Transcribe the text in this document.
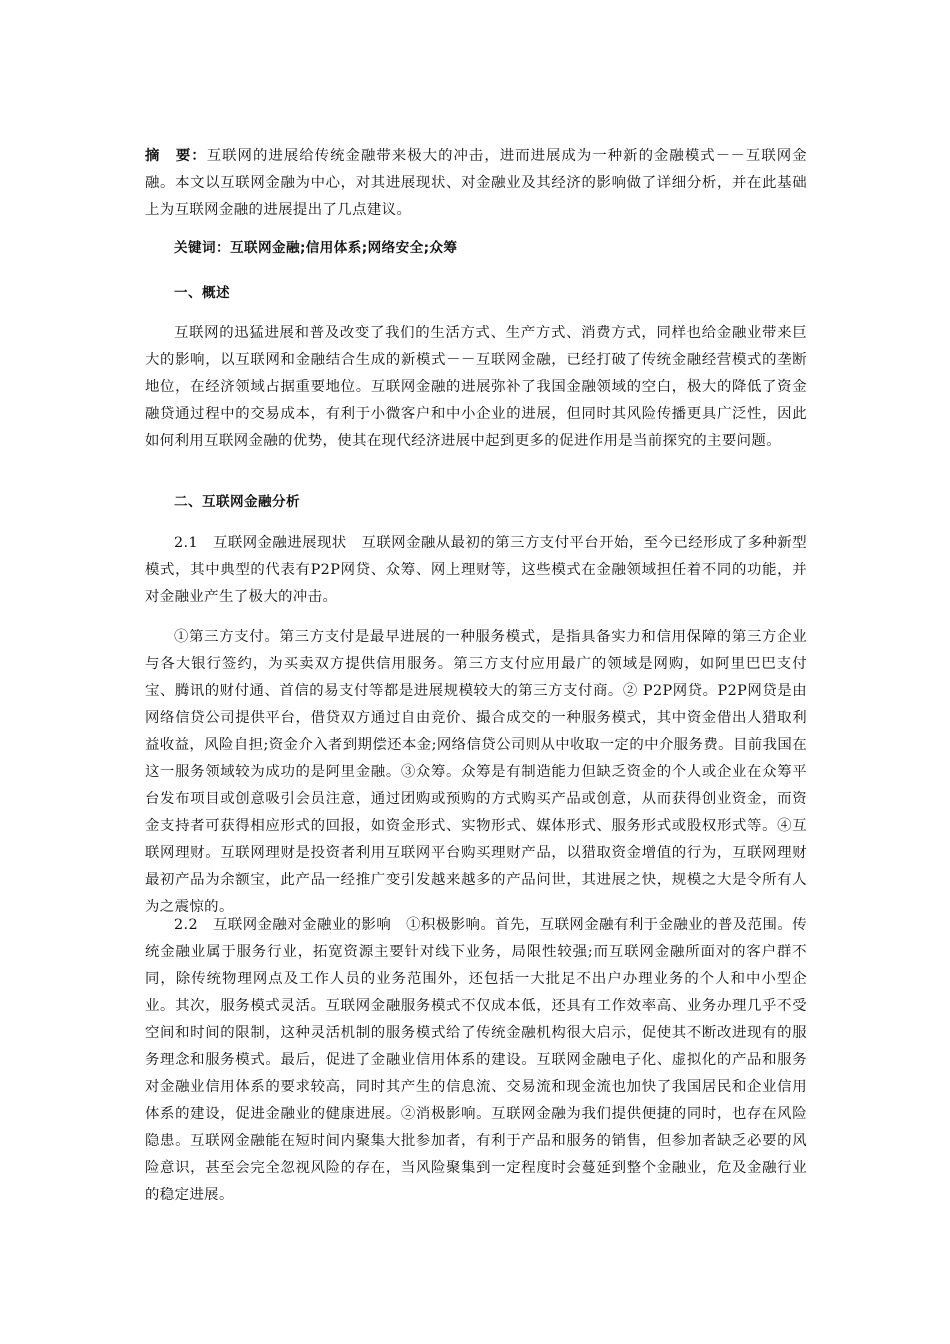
摘　要：互联网的进展给传统金融带来极大的冲击，进而进展成为一种新的金融模式－－互联网金融。本文以互联网金融为中心，对其进展现状、对金融业及其经济的影响做了详细分析，并在此基础上为互联网金融的进展提出了几点建议。

关键词：互联网金融;信用体系;网络安全;众筹

一、概述

互联网的迅猛进展和普及改变了我们的生活方式、生产方式、消费方式，同样也给金融业带来巨大的影响，以互联网和金融结合生成的新模式－－互联网金融，已经打破了传统金融经营模式的垄断地位，在经济领域占据重要地位。互联网金融的进展弥补了我国金融领域的空白，极大的降低了资金融贷通过程中的交易成本，有利于小微客户和中小企业的进展，但同时其风险传播更具广泛性，因此如何利用互联网金融的优势，使其在现代经济进展中起到更多的促进作用是当前探究的主要问题。

二、互联网金融分析

2.1　互联网金融进展现状　互联网金融从最初的第三方支付平台开始，至今已经形成了多种新型模式，其中典型的代表有P2P网贷、众筹、网上理财等，这些模式在金融领域担任着不同的功能，并对金融业产生了极大的冲击。

①第三方支付。第三方支付是最早进展的一种服务模式，是指具备实力和信用保障的第三方企业与各大银行签约，为买卖双方提供信用服务。第三方支付应用最广的领域是网购，如阿里巴巴支付宝、腾讯的财付通、首信的易支付等都是进展规模较大的第三方支付商。② P2P网贷。P2P网贷是由网络信贷公司提供平台，借贷双方通过自由竞价、撮合成交的一种服务模式，其中资金借出人猎取利益收益，风险自担;资金介入者到期偿还本金;网络信贷公司则从中收取一定的中介服务费。目前我国在这一服务领域较为成功的是阿里金融。③众筹。众筹是有制造能力但缺乏资金的个人或企业在众筹平台发布项目或创意吸引会员注意，通过团购或预购的方式购买产品或创意，从而获得创业资金，而资金支持者可获得相应形式的回报，如资金形式、实物形式、媒体形式、服务形式或股权形式等。④互联网理财。互联网理财是投资者利用互联网平台购买理财产品，以猎取资金增值的行为，互联网理财最初产品为余额宝，此产品一经推广变引发越来越多的产品问世，其进展之快，规模之大是令所有人为之震惊的。

2.2　互联网金融对金融业的影响　①积极影响。首先，互联网金融有利于金融业的普及范围。传统金融业属于服务行业，拓宽资源主要针对线下业务，局限性较强;而互联网金融所面对的客户群不同，除传统物理网点及工作人员的业务范围外，还包括一大批足不出户办理业务的个人和中小型企业。其次，服务模式灵活。互联网金融服务模式不仅成本低，还具有工作效率高、业务办理几乎不受空间和时间的限制，这种灵活机制的服务模式给了传统金融机构很大启示，促使其不断改进现有的服务理念和服务模式。最后，促进了金融业信用体系的建设。互联网金融电子化、虚拟化的产品和服务对金融业信用体系的要求较高，同时其产生的信息流、交易流和现金流也加快了我国居民和企业信用体系的建设，促进金融业的健康进展。②消极影响。互联网金融为我们提供便捷的同时，也存在风险隐患。互联网金融能在短时间内聚集大批参加者，有利于产品和服务的销售，但参加者缺乏必要的风险意识，甚至会完全忽视风险的存在，当风险聚集到一定程度时会蔓延到整个金融业，危及金融行业的稳定进展。
